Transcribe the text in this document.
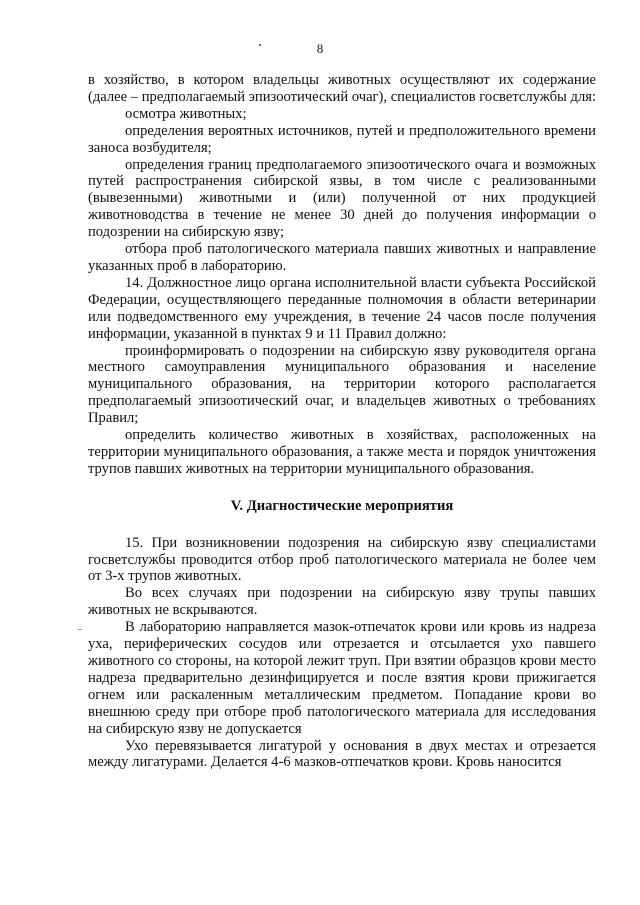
8

в хозяйство, в котором владельцы животных осуществляют их содержание (далее – предполагаемый эпизоотический очаг), специалистов госветслужбы для:

осмотра животных;

определения вероятных источников, путей и предположительного времени заноса возбудителя;

определения границ предполагаемого эпизоотического очага и возможных путей распространения сибирской язвы, в том числе с реализованными (вывезенными) животными и (или) полученной от них продукцией животноводства в течение не менее 30 дней до получения информации о подозрении на сибирскую язву;

отбора проб патологического материала павших животных и направление указанных проб в лабораторию.

14. Должностное лицо органа исполнительной власти субъекта Российской Федерации, осуществляющего переданные полномочия в области ветеринарии или подведомственного ему учреждения, в течение 24 часов после получения информации, указанной в пунктах 9 и 11 Правил должно:

проинформировать о подозрении на сибирскую язву руководителя органа местного самоуправления муниципального образования и население муниципального образования, на территории которого располагается предполагаемый эпизоотический очаг, и владельцев животных о требованиях Правил;

определить количество животных в хозяйствах, расположенных на территории муниципального образования, а также места и порядок уничтожения трупов павших животных на территории муниципального образования.

V. Диагностические мероприятия

15. При возникновении подозрения на сибирскую язву специалистами госветслужбы проводится отбор проб патологического материала не более чем от 3-х трупов животных.

Во всех случаях при подозрении на сибирскую язву трупы павших животных не вскрываются.

В лабораторию направляется мазок-отпечаток крови или кровь из надреза уха, периферических сосудов или отрезается и отсылается ухо павшего животного со стороны, на которой лежит труп. При взятии образцов крови место надреза предварительно дезинфицируется и после взятия крови прижигается огнем или раскаленным металлическим предметом. Попадание крови во внешнюю среду при отборе проб патологического материала для исследования на сибирскую язву не допускается

Ухо перевязывается лигатурой у основания в двух местах и отрезается между лигатурами. Делается 4-6 мазков-отпечатков крови. Кровь наносится

⁻
